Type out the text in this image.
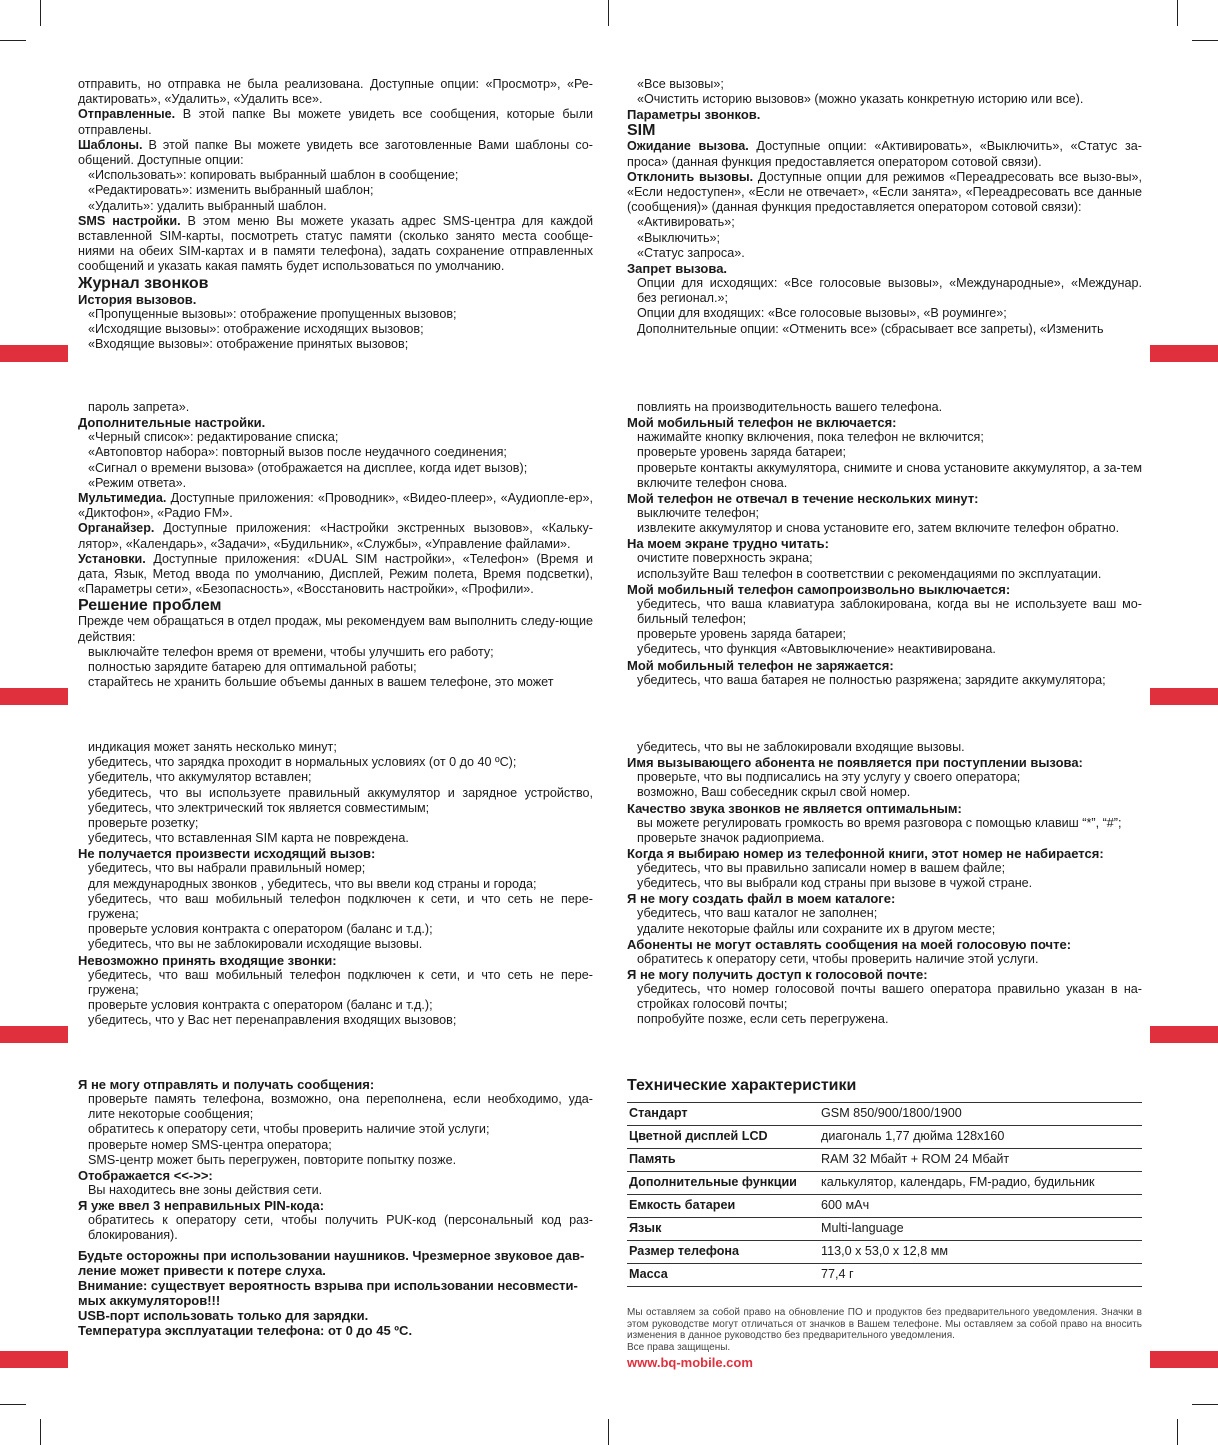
отправить, но отправка не была реализована. Доступные опции: «Просмотр», «Ре-дактировать», «Удалить», «Удалить все».

Отправленные. В этой папке Вы можете увидеть все сообщения, которые были отправлены.

Шаблоны. В этой папке Вы можете увидеть все заготовленные Вами шаблоны со-общений. Доступные опции:

«Использовать»: копировать выбранный шаблон в сообщение;

«Редактировать»: изменить выбранный шаблон;

«Удалить»: удалить выбранный шаблон.

SMS настройки. В этом меню Вы можете указать адрес SMS-центра для каждой вставленной SIM-карты, посмотреть статус памяти (сколько занято места сообще-ниями на обеих SIM-картах и в памяти телефона), задать сохранение отправленных сообщений и указать какая память будет использоваться по умолчанию.

Журнал звонков
История вызовов.

«Пропущенные вызовы»: отображение пропущенных вызовов;

«Исходящие вызовы»: отображение исходящих вызовов;

«Входящие вызовы»: отображение принятых вызовов;

«Все вызовы»;

«Очистить историю вызовов» (можно указать конкретную историю или все).

Параметры звонков.
SIM

Ожидание вызова. Доступные опции: «Активировать», «Выключить», «Статус за-проса» (данная функция предоставляется оператором сотовой связи).

Отклонить вызовы. Доступные опции для режимов «Переадресовать все вызо-вы», «Если недоступен», «Если не отвечает», «Если занята», «Переадресовать все данные (сообщения)» (данная функция предоставляется оператором сотовой связи):

«Активировать»;

«Выключить»;

«Статус запроса».

Запрет вызова.

Опции для исходящих: «Все голосовые вызовы», «Международные», «Междунар. без регионал.»;

Опции для входящих: «Все голосовые вызовы», «В роуминге»;

Дополнительные опции: «Отменить все» (сбрасывает все запреты), «Изменить

пароль запрета».

Дополнительные настройки.

«Черный список»: редактирование списка;

«Автоповтор набора»: повторный вызов после неудачного соединения;

«Сигнал о времени вызова» (отображается на дисплее, когда идет вызов);

«Режим ответа».

Мультимедиа. Доступные приложения: «Проводник», «Видео-плеер», «Аудиопле-ер», «Диктофон», «Радио FM».

Органайзер. Доступные приложения: «Настройки экстренных вызовов», «Кальку-лятор», «Календарь», «Задачи», «Будильник», «Службы», «Управление файлами».

Установки. Доступные приложения: «DUAL SIM настройки», «Телефон» (Время и дата, Язык, Метод ввода по умолчанию, Дисплей, Режим полета, Время подсветки), «Параметры сети», «Безопасность», «Восстановить настройки», «Профили».

Решение проблем

Прежде чем обращаться в отдел продаж, мы рекомендуем вам выполнить следу-ющие действия:

выключайте телефон время от времени, чтобы улучшить его работу;

полностью зарядите батарею для оптимальной работы;

старайтесь не хранить большие объемы данных в вашем телефоне, это может

повлиять на производительность вашего телефона.

Мой мобильный телефон не включается:

нажимайте кнопку включения, пока телефон не включится;

проверьте уровень заряда батареи;

проверьте контакты аккумулятора, снимите и снова установите аккумулятор, а за-тем включите телефон снова.

Мой телефон не отвечал в течение нескольких минут:

выключите телефон;

извлеките аккумулятор и снова установите его, затем включите телефон обратно.

На моем экране трудно читать:

очистите поверхность экрана;

используйте Ваш телефон в соответствии с рекомендациями по эксплуатации.

Мой мобильный телефон самопроизвольно выключается:

убедитесь, что ваша клавиатура заблокирована, когда вы не используете ваш мо-бильный телефон;

проверьте уровень заряда батареи;

убедитесь, что функция «Автовыключение» неактивирована.

Мой мобильный телефон не заряжается:

убедитесь, что ваша батарея не полностью разряжена; зарядите аккумулятора;

индикация может занять несколько минут;

убедитесь, что зарядка проходит в нормальных условиях (от 0 до 40 ºC);

убедитель, что аккумулятор вставлен;

убедитесь, что вы используете правильный аккумулятор и зарядное устройство, убедитесь, что электрический ток является совместимым;

проверьте розетку;

убедитесь, что вставленная SIM карта не повреждена.

Не получается произвести исходящий вызов:

убедитесь, что вы набрали правильный номер;

для международных звонков , убедитесь, что вы ввели код страны и города;

убедитесь, что ваш мобильный телефон подключен к сети, и что сеть не пере-гружена;

проверьте условия контракта с оператором (баланс и т.д.);

убедитесь, что вы не заблокировали исходящие вызовы.

Невозможно принять входящие звонки:

убедитесь, что ваш мобильный телефон подключен к сети, и что сеть не пере-гружена;

проверьте условия контракта с оператором (баланс и т.д.);

убедитесь, что у Вас нет перенаправления входящих вызовов;

убедитесь, что вы не заблокировали входящие вызовы.

Имя вызывающего абонента не появляется при поступлении вызова:

проверьте, что вы подписались на эту услугу у своего оператора;

возможно, Ваш собеседник скрыл свой номер.

Качество звука звонков не является оптимальным:

вы можете регулировать громкость во время разговора с помощью клавиш “*”, “#”;

проверьте значок радиоприема.

Когда я выбираю номер из телефонной книги, этот номер не набирается:

убедитесь, что вы правильно записали номер в вашем файле;

убедитесь, что вы выбрали код страны при вызове в чужой стране.

Я не могу создать файл в моем каталоге:

убедитесь, что ваш каталог не заполнен;

удалите некоторые файлы или сохраните их в другом месте;

Абоненты не могут оставлять сообщения на моей голосовую почте:

обратитесь к оператору сети, чтобы проверить наличие этой услуги.

Я не могу получить доступ к голосовой почте:

убедитесь, что номер голосовой почты вашего оператора правильно указан в на-стройках голосовй почты;

попробуйте позже, если сеть перегружена.

Я не могу отправлять и получать сообщения:

проверьте память телефона, возможно, она переполнена, если необходимо, уда-лите некоторые сообщения;

обратитесь к оператору сети, чтобы проверить наличие этой услуги;

проверьте номер SMS-центра оператора;

SMS-центр может быть перегружен, повторите попытку позже.

Отображается <<->>:

Вы находитесь вне зоны действия сети.

Я уже ввел 3 неправильных PIN-кода:

обратитесь к оператору сети, чтобы получить PUK-код (персональный код раз-блокирования).

Будьте осторожны при использовании наушников. Чрезмерное звуковое дав-ление может привести к потере слуха.
Внимание: существует вероятность взрыва при использовании несовмести-мых аккумуляторов!!!
USB-порт использовать только для зарядки.
Температура эксплуатации телефона: от 0 до 45 ºC.
Технические характеристики
Стандарт	GSM 850/900/1800/1900
Цветной дисплей LCD	диагональ 1,77 дюйма 128x160
Память	RAM 32 Мбайт + ROM 24 Мбайт
Дополнительные функции	калькулятор, календарь, FM-радио, будильник
Емкость батареи	600 мАч
Язык	Multi-language
Размер телефона	113,0 x 53,0 x 12,8 мм
Масса	77,4 г

Мы оставляем за собой право на обновление ПО и продуктов без предварительного уведомления. Значки в этом руководстве могут отличаться от значков в Вашем телефоне. Мы оставляем за собой право на вносить изменения в данное руководство без предварительного уведомления.

Все права защищены.

www.bq-mobile.com
